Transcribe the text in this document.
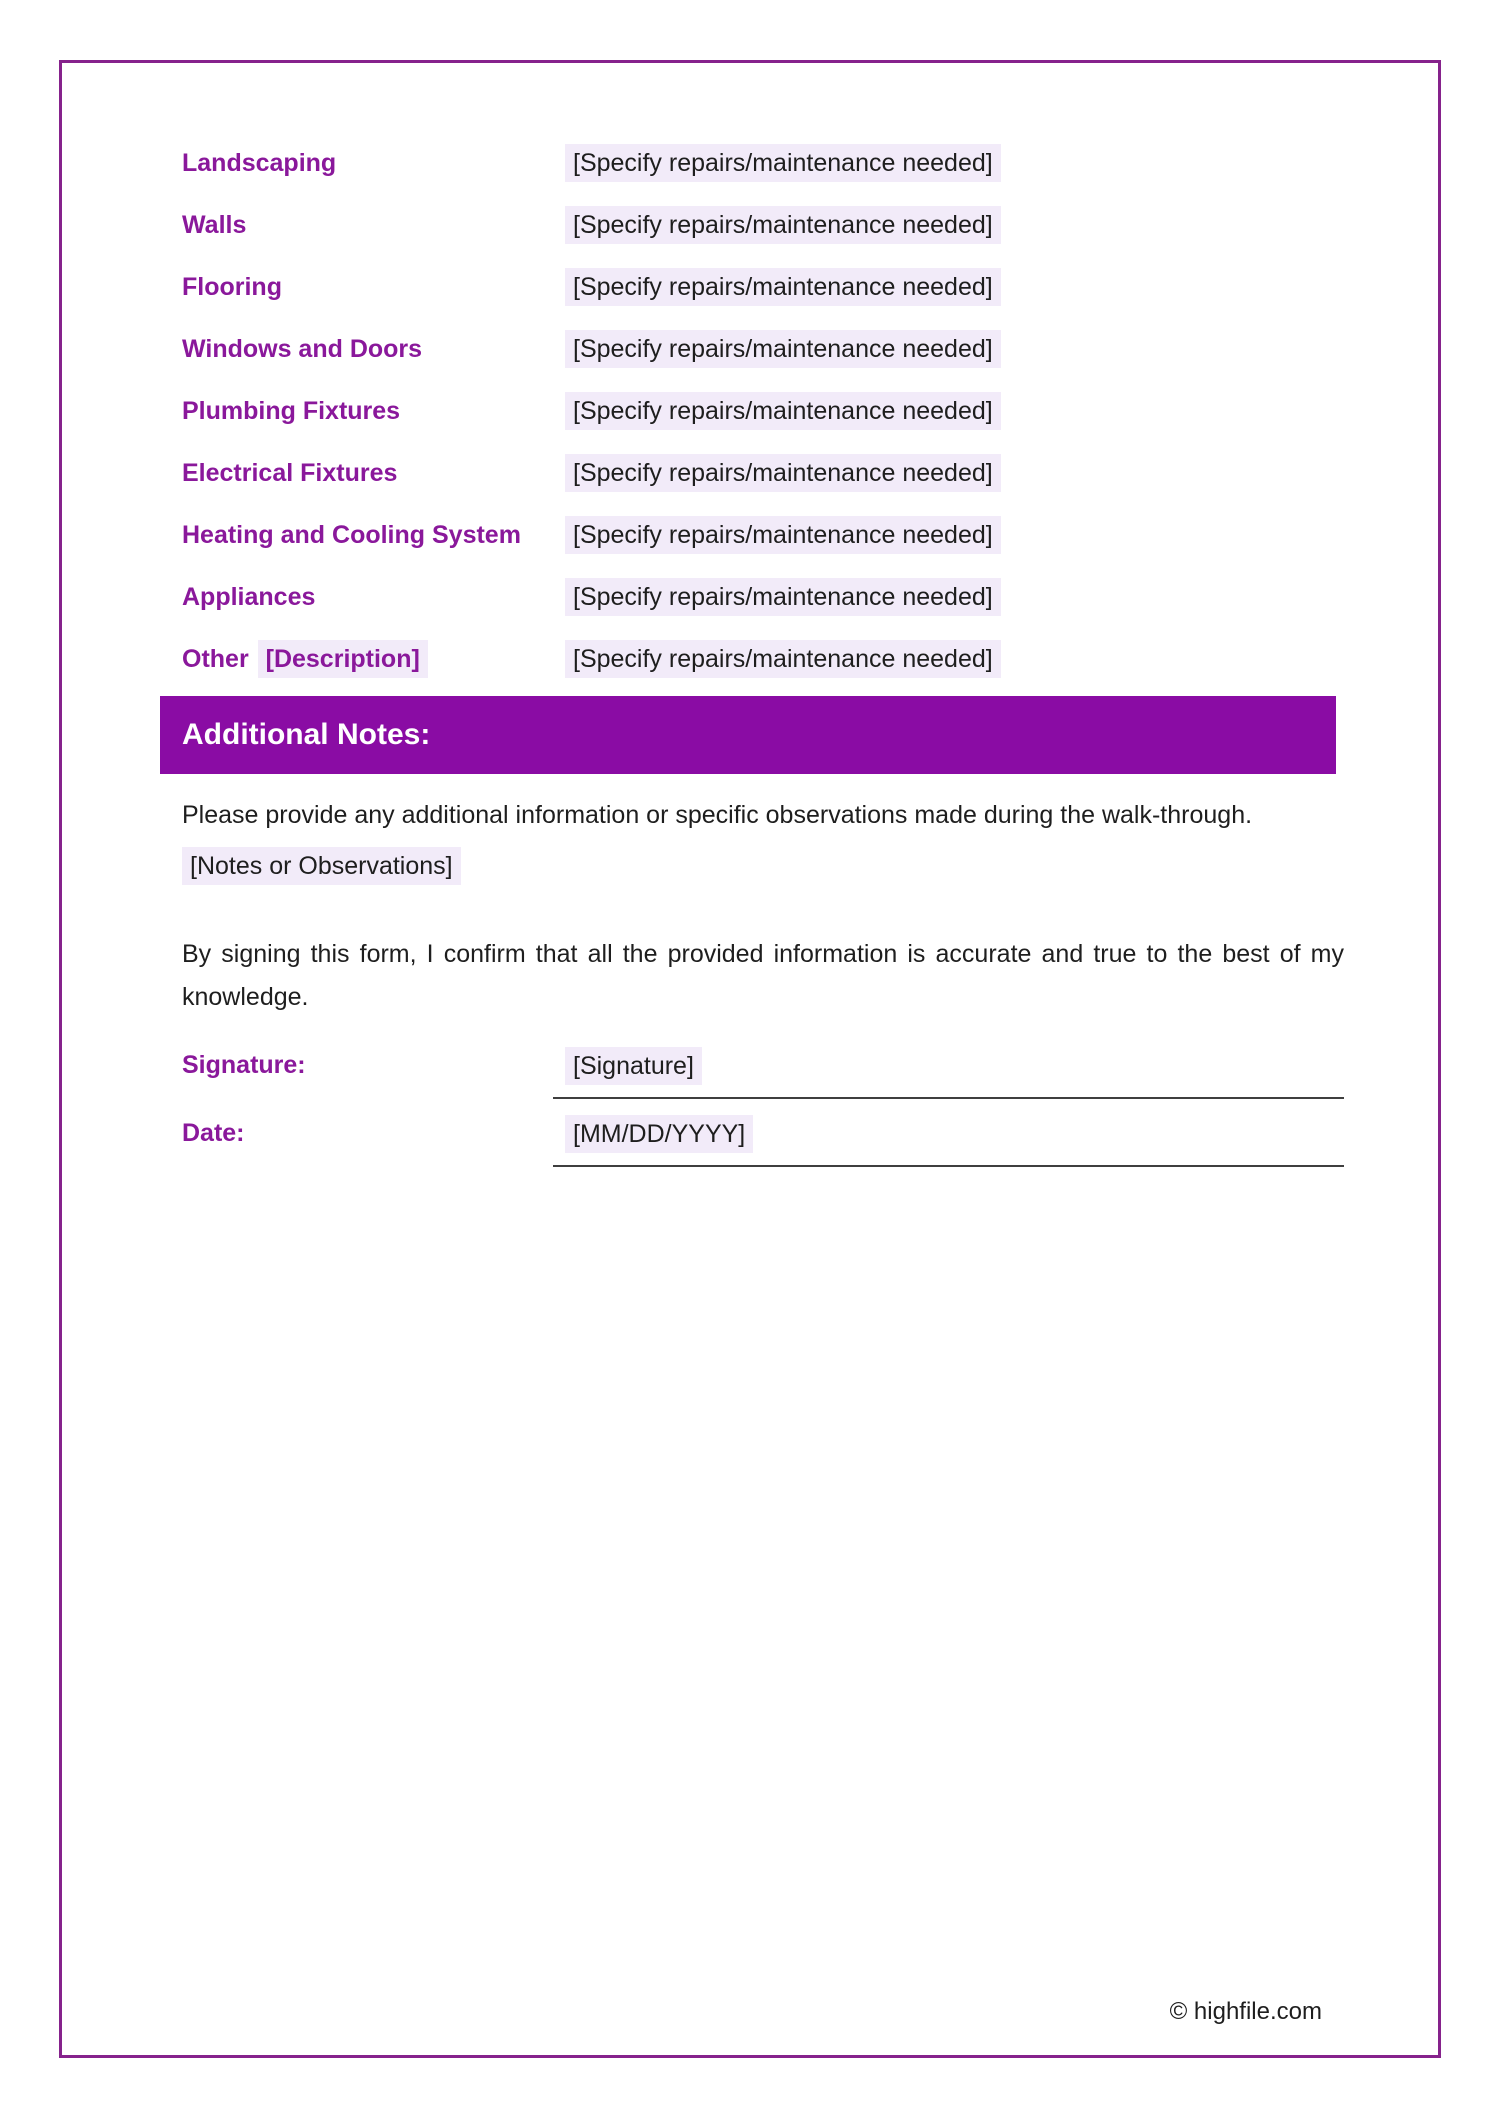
Landscaping	[Specify repairs/maintenance needed]
Walls	[Specify repairs/maintenance needed]
Flooring	[Specify repairs/maintenance needed]
Windows and Doors	[Specify repairs/maintenance needed]
Plumbing Fixtures	[Specify repairs/maintenance needed]
Electrical Fixtures	[Specify repairs/maintenance needed]
Heating and Cooling System	[Specify repairs/maintenance needed]
Appliances	[Specify repairs/maintenance needed]
Other [Description]	[Specify repairs/maintenance needed]
Additional Notes:

Please provide any additional information or specific observations made during the walk-through.

[Notes or Observations]

By signing this form, I confirm that all the provided information is accurate and true to the best of my knowledge.

Signature:	[Signature]
Date:	[MM/DD/YYYY]
© highfile.com
